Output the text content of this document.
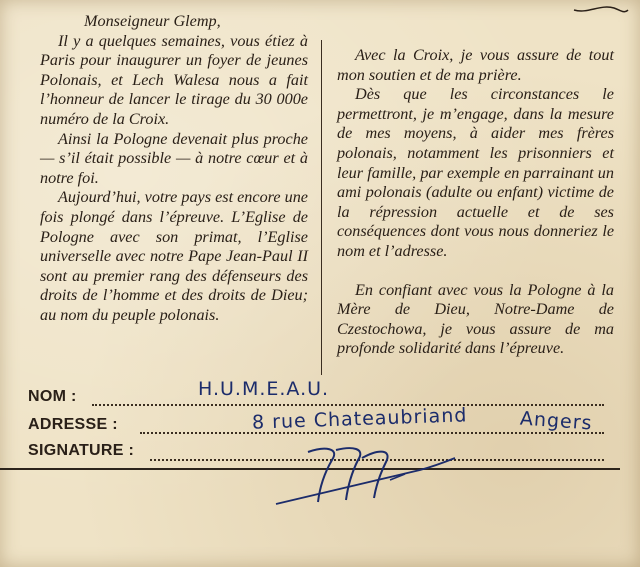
Monseigneur Glemp,

Il y a quelques semaines, vous étiez à Paris pour inaugurer un foyer de jeunes Polonais, et Lech Walesa nous a fait l’honneur de lancer le tirage du 30 000e numéro de la Croix.

Ainsi la Pologne devenait plus proche — s’il était possible — à notre cœur et à notre foi.

Aujourd’hui, votre pays est encore une fois plongé dans l’épreuve. L’Eglise de Pologne avec son primat, l’Eglise universelle avec notre Pape Jean-Paul II sont au premier rang des défenseurs des droits de l’homme et des droits de Dieu; au nom du peuple polonais.

Avec la Croix, je vous assure de tout mon soutien et de ma prière.

Dès que les circonstances le permettront, je m’engage, dans la mesure de mes moyens, à aider mes frères polonais, notamment les prisonniers et leur famille, par exemple en parrainant un ami polonais (adulte ou enfant) victime de la répression actuelle et de ses conséquences dont vous nous donneriez le nom et l’adresse.

En confiant avec vous la Pologne à la Mère de Dieu, Notre-Dame de Czestochowa, je vous assure de ma profonde solidarité dans l’épreuve.

NOM :	H.U.M.E.A.U.
ADRESSE :	8 rue Chateaubriand	Angers
SIGNATURE :
